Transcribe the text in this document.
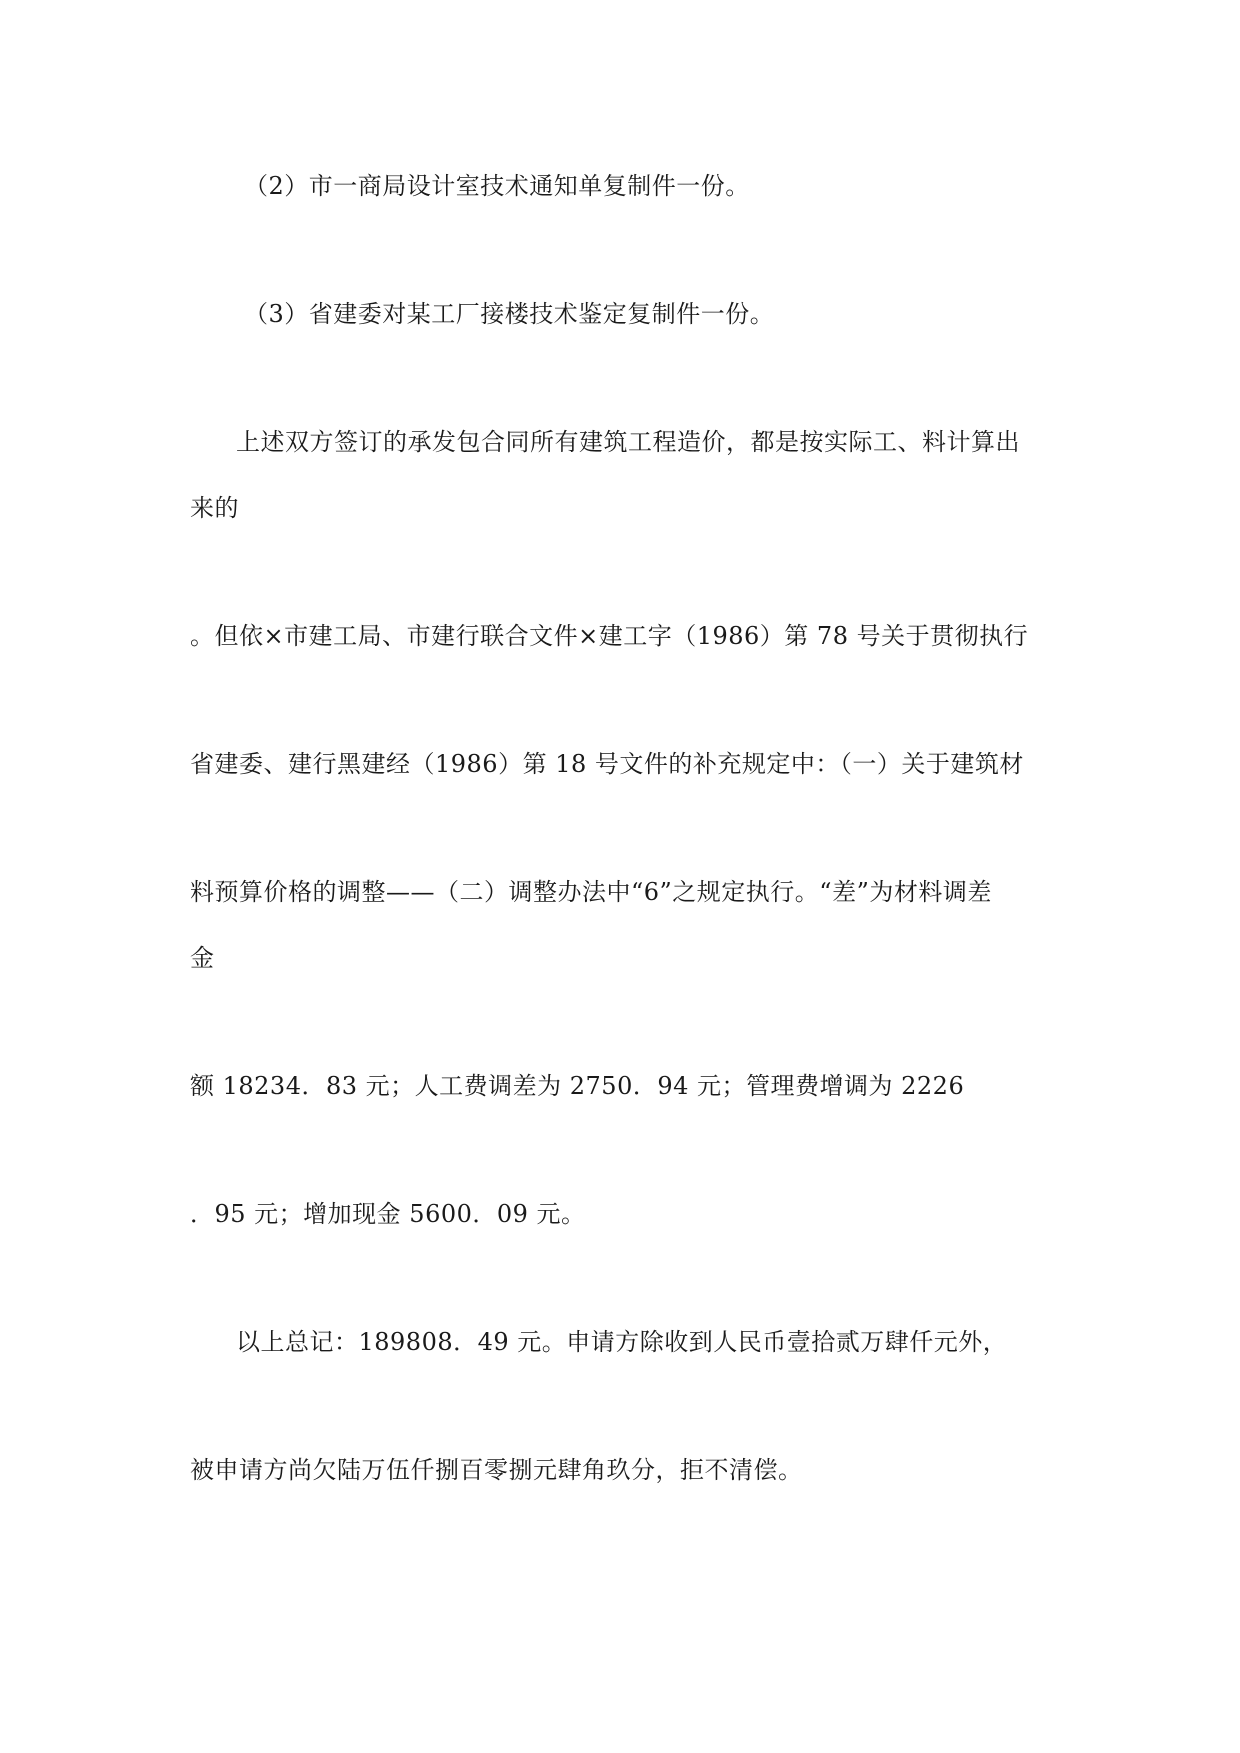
（2）市一商局设计室技术通知单复制件一份。
（3）省建委对某工厂接楼技术鉴定复制件一份。
上述双方签订的承发包合同所有建筑工程造价，都是按实际工、料计算出
来的
。但依×市建工局、市建行联合文件×建工字（1986）第 78 号关于贯彻执行
省建委、建行黑建经（1986）第 18 号文件的补充规定中：（一）关于建筑材
料预算价格的调整——（二）调整办法中“6”之规定执行。“差”为材料调差
金
额 18234．83 元；人工费调差为 2750．94 元；管理费增调为 2226
．95 元；增加现金 5600．09 元。
以上总记：189808．49 元。申请方除收到人民币壹拾贰万肆仟元外，
被申请方尚欠陆万伍仟捌百零捌元肆角玖分，拒不清偿。
